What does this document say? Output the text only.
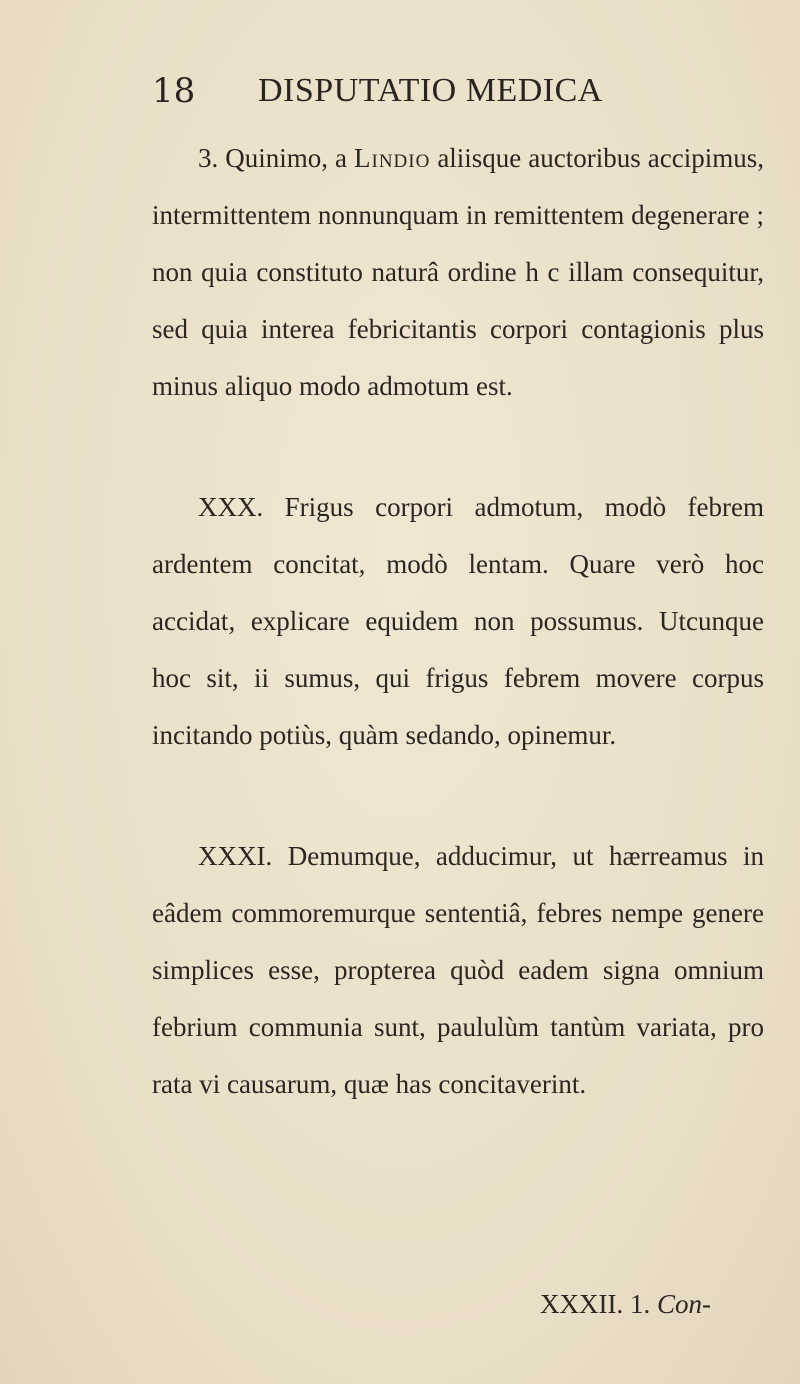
18 DISPUTATIO MEDICA

3. Quinimo, a Lindio aliisque auctoribus accipimus, intermittentem nonnunquam in remittentem degenerare ; non quia constituto naturâ ordine h c illam consequitur, sed quia interea febricitantis corpori contagionis plus minus aliquo modo admotum est.

XXX. Frigus corpori admotum, modò febrem ardentem concitat, modò lentam. Quare verò hoc accidat, explicare equidem non possumus. Utcunque hoc sit, ii sumus, qui frigus febrem movere corpus incitando potiùs, quàm sedando, opinemur.

XXXI. Demumque, adducimur, ut hærreamus in eâdem commoremurque sententiâ, febres nempe genere simplices esse, propterea quòd eadem signa omnium febrium communia sunt, paululùm tantùm variata, pro rata vi causarum, quæ has concitaverint.

XXXII. 1. Con-
